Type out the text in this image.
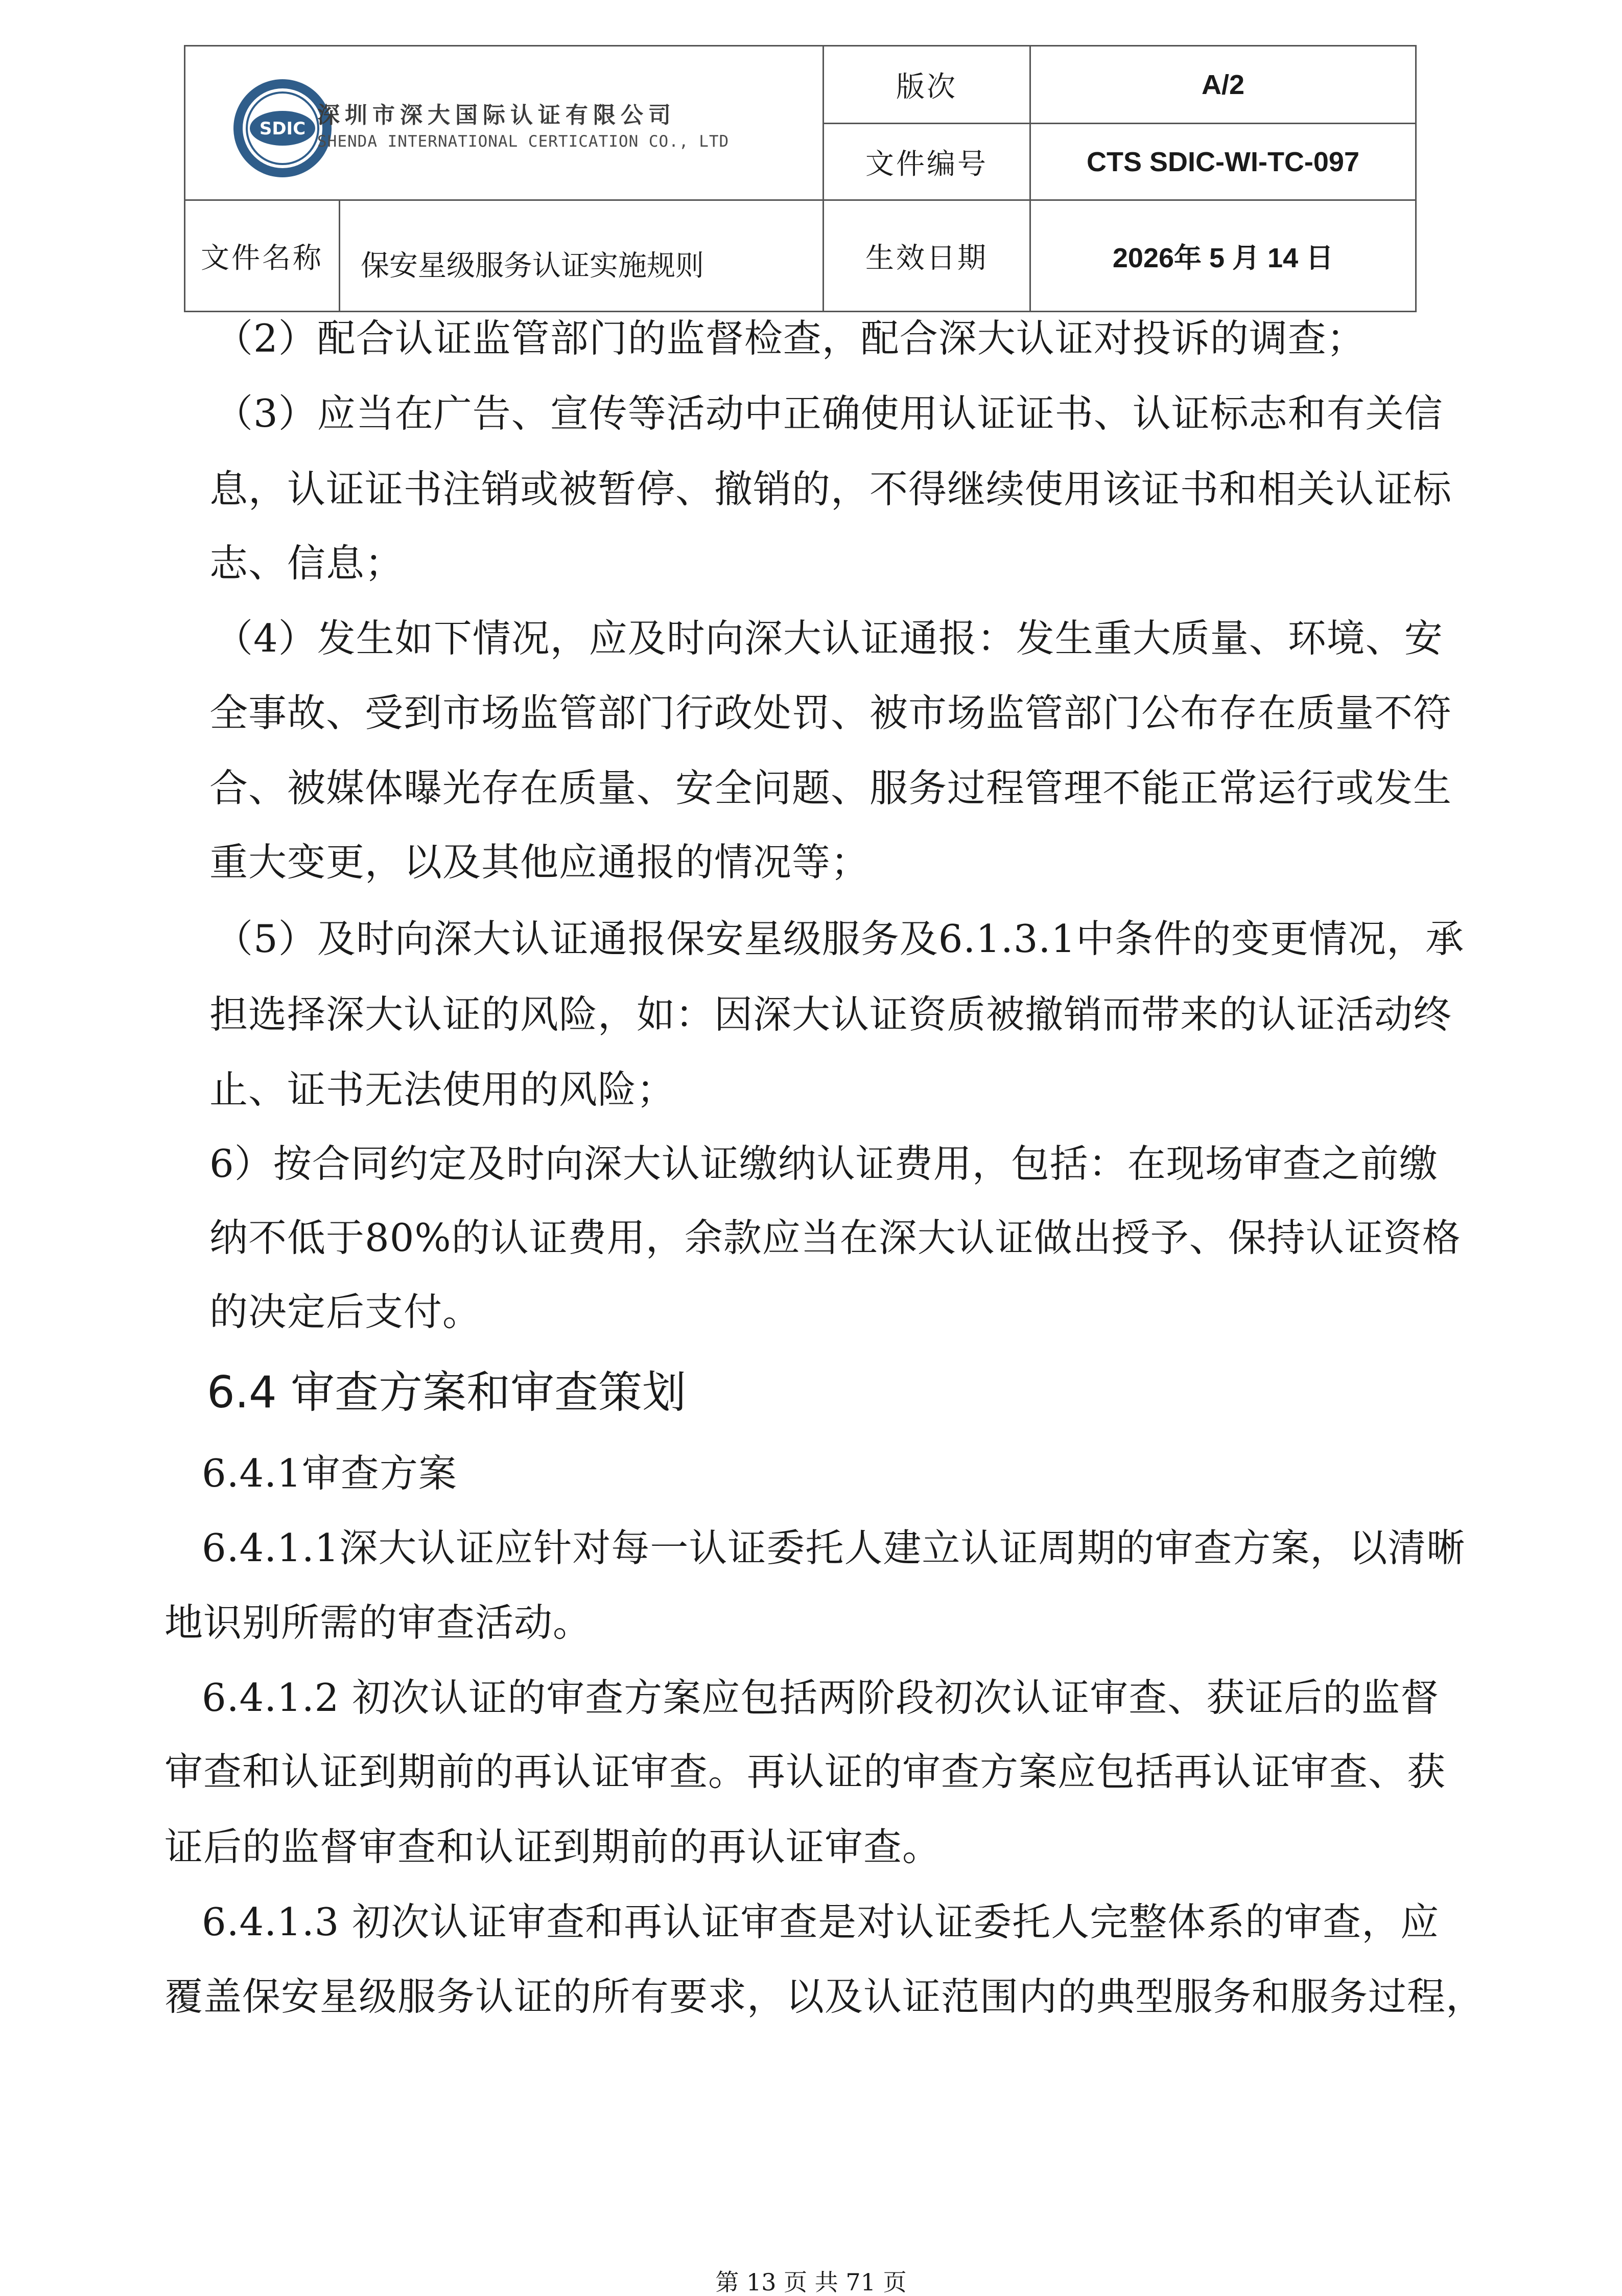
SDIC
深圳市深大国际认证有限公司
SHENDA INTERNATIONAL CERTICATION CO., LTD	版次	A/2
	文件编号	CTS SDIC-WI-TC-097

文件名称 保安星级服务认证实施规则	生效日期	2026年 5 月 14 日

（2）配合认证监管部门的监督检查，配合深大认证对投诉的调查；

（3）应当在广告、宣传等活动中正确使用认证证书、认证标志和有关信

息，认证证书注销或被暂停、撤销的，不得继续使用该证书和相关认证标

志、信息；

（4）发生如下情况，应及时向深大认证通报：发生重大质量、环境、安

全事故、受到市场监管部门行政处罚、被市场监管部门公布存在质量不符

合、被媒体曝光存在质量、安全问题、服务过程管理不能正常运行或发生

重大变更，以及其他应通报的情况等；

（5）及时向深大认证通报保安星级服务及6.1.3.1中条件的变更情况，承

担选择深大认证的风险，如：因深大认证资质被撤销而带来的认证活动终

止、证书无法使用的风险；

6）按合同约定及时向深大认证缴纳认证费用，包括：在现场审查之前缴

纳不低于80%的认证费用，余款应当在深大认证做出授予、保持认证资格

的决定后支付。

6.4 审查方案和审查策划

6.4.1审查方案

6.4.1.1深大认证应针对每一认证委托人建立认证周期的审查方案，以清晰

地识别所需的审查活动。

6.4.1.2 初次认证的审查方案应包括两阶段初次认证审查、获证后的监督

审查和认证到期前的再认证审查。再认证的审查方案应包括再认证审查、获

证后的监督审查和认证到期前的再认证审查。

6.4.1.3 初次认证审查和再认证审查是对认证委托人完整体系的审查，应

覆盖保安星级服务认证的所有要求，以及认证范围内的典型服务和服务过程，

第 13 页 共 71 页
